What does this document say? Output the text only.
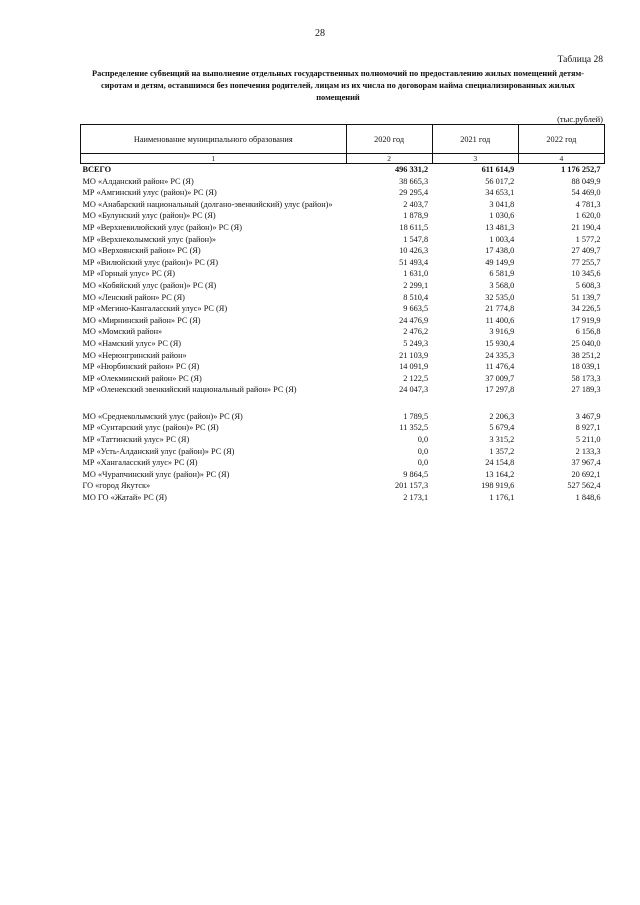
28
Таблица 28
Распределение субвенций на выполнение отдельных государственных полномочий по предоставлению жилых помещений детям-сиротам и детям, оставшимся без попечения родителей, лицам из их числа по договорам найма специализированных жилых помещений
(тыс.рублей)
Наименование муниципального образования	2020 год	2021 год	2022 год
1	2	3	4
ВСЕГО	496 331,2	611 614,9	1 176 252,7
МО «Алданский район» РС (Я)	38 665,3	56 017,2	88 049,9
МР «Амгинский улус (район)» РС (Я)	29 295,4	34 653,1	54 469,0
МО «Анабарский национальный (долгано-эвенкийский) улус (район)»	2 403,7	3 041,8	4 781,3
МО «Булунский улус (район)» РС (Я)	1 878,9	1 030,6	1 620,0
МР «Верхневилюйский улус (район)» РС (Я)	18 611,5	13 481,3	21 190,4
МР «Верхнеколымский улус (район)»	1 547,8	1 003,4	1 577,2
МО «Верхоянский район» РС (Я)	10 426,3	17 438,0	27 409,7
МР «Вилюйский улус (район)» РС (Я)	51 493,4	49 149,9	77 255,7
МР «Горный улус» РС (Я)	1 631,0	6 581,9	10 345,6
МО «Кобяйский улус (район)» РС (Я)	2 299,1	3 568,0	5 608,3
МО «Ленский район» РС (Я)	8 510,4	32 535,0	51 139,7
МР «Мегино-Кангаласский улус» РС (Я)	9 663,5	21 774,8	34 226,5
МО «Мирнинский район» РС (Я)	24 476,9	11 400,6	17 919,9
МО «Момский район»	2 476,2	3 916,9	6 156,8
МО «Намский улус» РС (Я)	5 249,3	15 930,4	25 040,0
МО «Нерюнгринский район»	21 103,9	24 335,3	38 251,2
МР «Нюрбинский район» РС (Я)	14 091,9	11 476,4	18 039,1
МР «Олекминский район» РС (Я)	2 122,5	37 009,7	58 173,3
МР «Оленекский эвенкийский национальный район» РС (Я)	24 047,3	17 297,8	27 189,3

МО «Среднеколымский улус (район)» РС (Я)	1 789,5	2 206,3	3 467,9
МР «Сунтарский улус (район)» РС (Я)	11 352,5	5 679,4	8 927,1
МР «Таттинский улус» РС (Я)	0,0	3 315,2	5 211,0
МР «Усть-Алданский улус (район)» РС (Я)	0,0	1 357,2	2 133,3
МР «Хангаласский улус» РС (Я)	0,0	24 154,8	37 967,4
МО «Чурапчинский улус (район)» РС (Я)	9 864,5	13 164,2	20 692,1
ГО «город Якутск»	201 157,3	198 919,6	527 562,4
МО ГО «Жатай» РС (Я)	2 173,1	1 176,1	1 848,6
